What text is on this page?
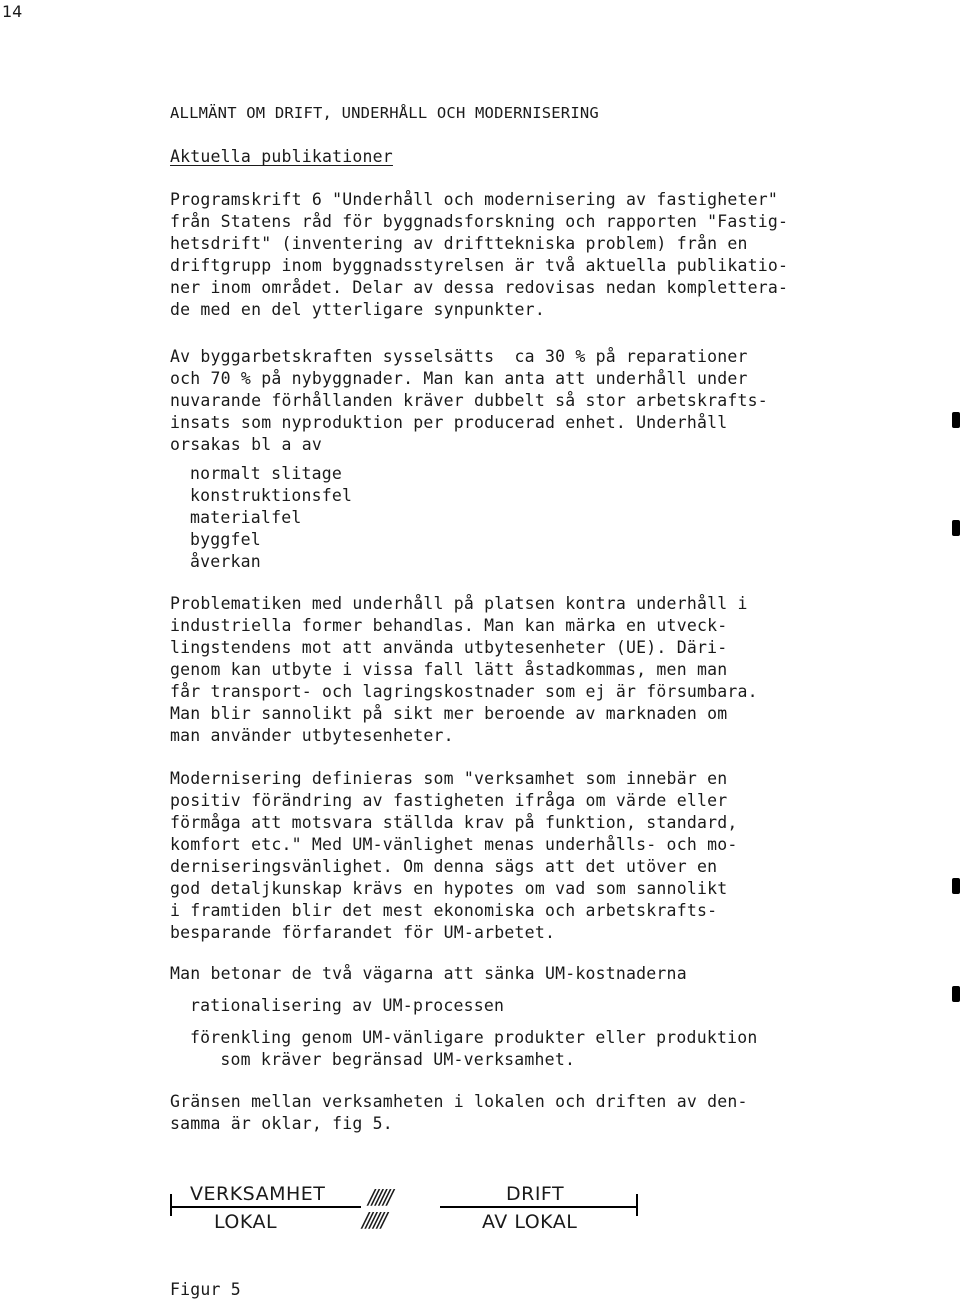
14
ALLMÄNT OM DRIFT, UNDERHÅLL OCH MODERNISERING
Aktuella publikationer
Programskrift 6 "Underhåll och modernisering av fastigheter"
från Statens råd för byggnadsforskning och rapporten "Fastig-
hetsdrift" (inventering av drifttekniska problem) från en
driftgrupp inom byggnadsstyrelsen är två aktuella publikatio-
ner inom området. Delar av dessa redovisas nedan komplettera-
de med en del ytterligare synpunkter.
Av byggarbetskraften sysselsätts  ca 30 % på reparationer
och 70 % på nybyggnader. Man kan anta att underhåll under
nuvarande förhållanden kräver dubbelt så stor arbetskrafts-
insats som nyproduktion per producerad enhet. Underhåll
orsakas bl a av
normalt slitage
konstruktionsfel
materialfel
byggfel
åverkan
Problematiken med underhåll på platsen kontra underhåll i
industriella former behandlas. Man kan märka en utveck-
lingstendens mot att använda utbytesenheter (UE). Däri-
genom kan utbyte i vissa fall lätt åstadkommas, men man
får transport- och lagringskostnader som ej är försumbara.
Man blir sannolikt på sikt mer beroende av marknaden om
man använder utbytesenheter.
Modernisering definieras som "verksamhet som innebär en
positiv förändring av fastigheten ifråga om värde eller
förmåga att motsvara ställda krav på funktion, standard,
komfort etc." Med UM-vänlighet menas underhålls- och mo-
derniseringsvänlighet. Om denna sägs att det utöver en
god detaljkunskap krävs en hypotes om vad som sannolikt
i framtiden blir det mest ekonomiska och arbetskrafts-
besparande förfarandet för UM-arbetet.
Man betonar de två vägarna att sänka UM-kostnaderna
rationalisering av UM-processen
förenkling genom UM-vänligare produkter eller produktion
som kräver begränsad UM-verksamhet.
Gränsen mellan verksamheten i lokalen och driften av den-
samma är oklar, fig 5.
VERKSAMHET
LOKAL
//////
//////
DRIFT
AV LOKAL
Figur 5
